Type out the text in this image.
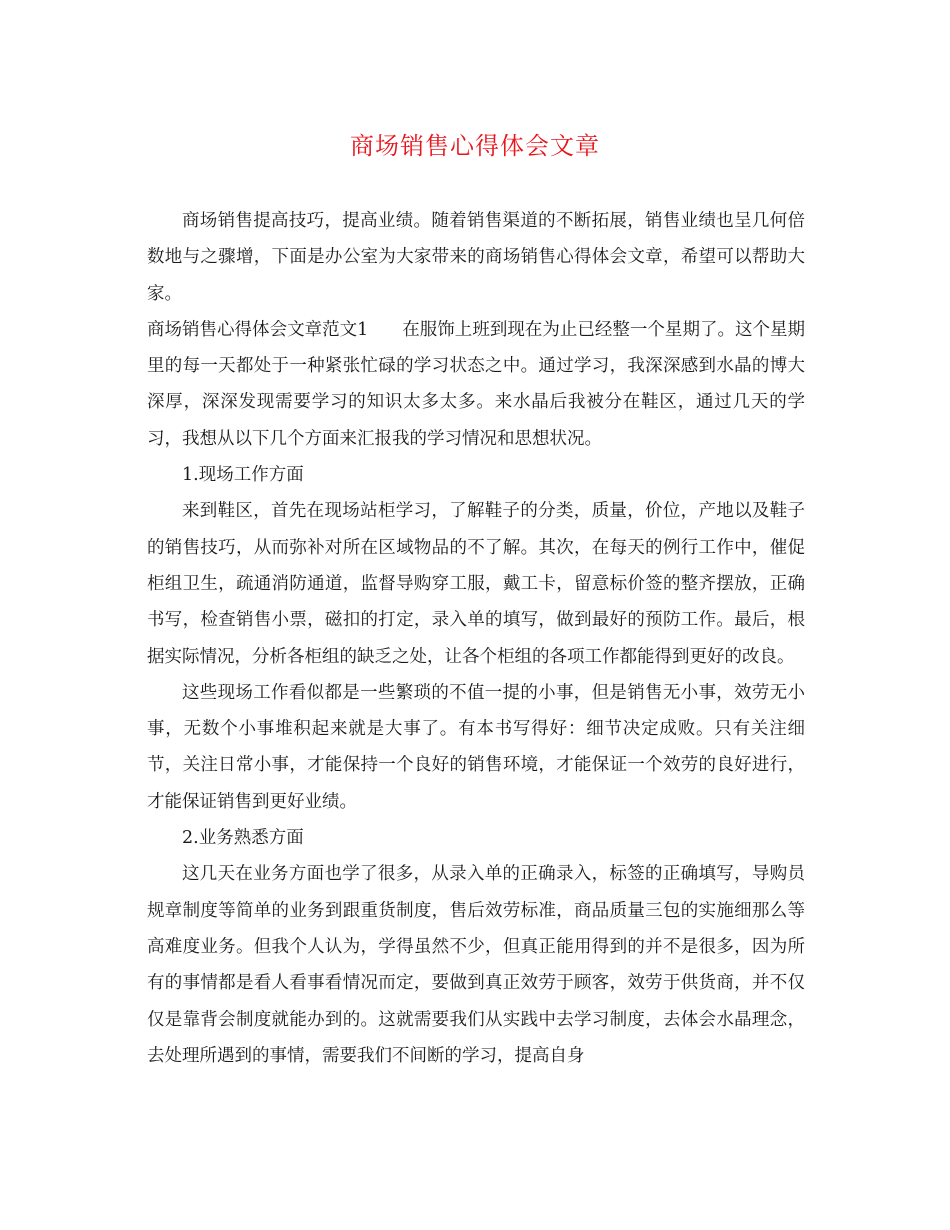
商场销售心得体会文章

商场销售提高技巧，提高业绩。随着销售渠道的不断拓展，销售业绩也呈几何倍数地与之骤增，下面是办公室为大家带来的商场销售心得体会文章，希望可以帮助大家。

商场销售心得体会文章范文1 在服饰上班到现在为止已经整一个星期了。这个星期里的每一天都处于一种紧张忙碌的学习状态之中。通过学习，我深深感到水晶的博大深厚，深深发现需要学习的知识太多太多。来水晶后我被分在鞋区，通过几天的学习，我想从以下几个方面来汇报我的学习情况和思想状况。

1.现场工作方面

来到鞋区，首先在现场站柜学习，了解鞋子的分类，质量，价位，产地以及鞋子的销售技巧，从而弥补对所在区域物品的不了解。其次，在每天的例行工作中，催促柜组卫生，疏通消防通道，监督导购穿工服，戴工卡，留意标价签的整齐摆放，正确书写，检查销售小票，磁扣的打定，录入单的填写，做到最好的预防工作。最后，根据实际情况，分析各柜组的缺乏之处，让各个柜组的各项工作都能得到更好的改良。

这些现场工作看似都是一些繁琐的不值一提的小事，但是销售无小事，效劳无小事，无数个小事堆积起来就是大事了。有本书写得好：细节决定成败。只有关注细节，关注日常小事，才能保持一个良好的销售环境，才能保证一个效劳的良好进行，才能保证销售到更好业绩。

2.业务熟悉方面

这几天在业务方面也学了很多，从录入单的正确录入，标签的正确填写，导购员规章制度等简单的业务到跟重货制度，售后效劳标准，商品质量三包的实施细那么等高难度业务。但我个人认为，学得虽然不少，但真正能用得到的并不是很多，因为所有的事情都是看人看事看情况而定，要做到真正效劳于顾客，效劳于供货商，并不仅仅是靠背会制度就能办到的。这就需要我们从实践中去学习制度，去体会水晶理念，去处理所遇到的事情，需要我们不间断的学习，提高自身
